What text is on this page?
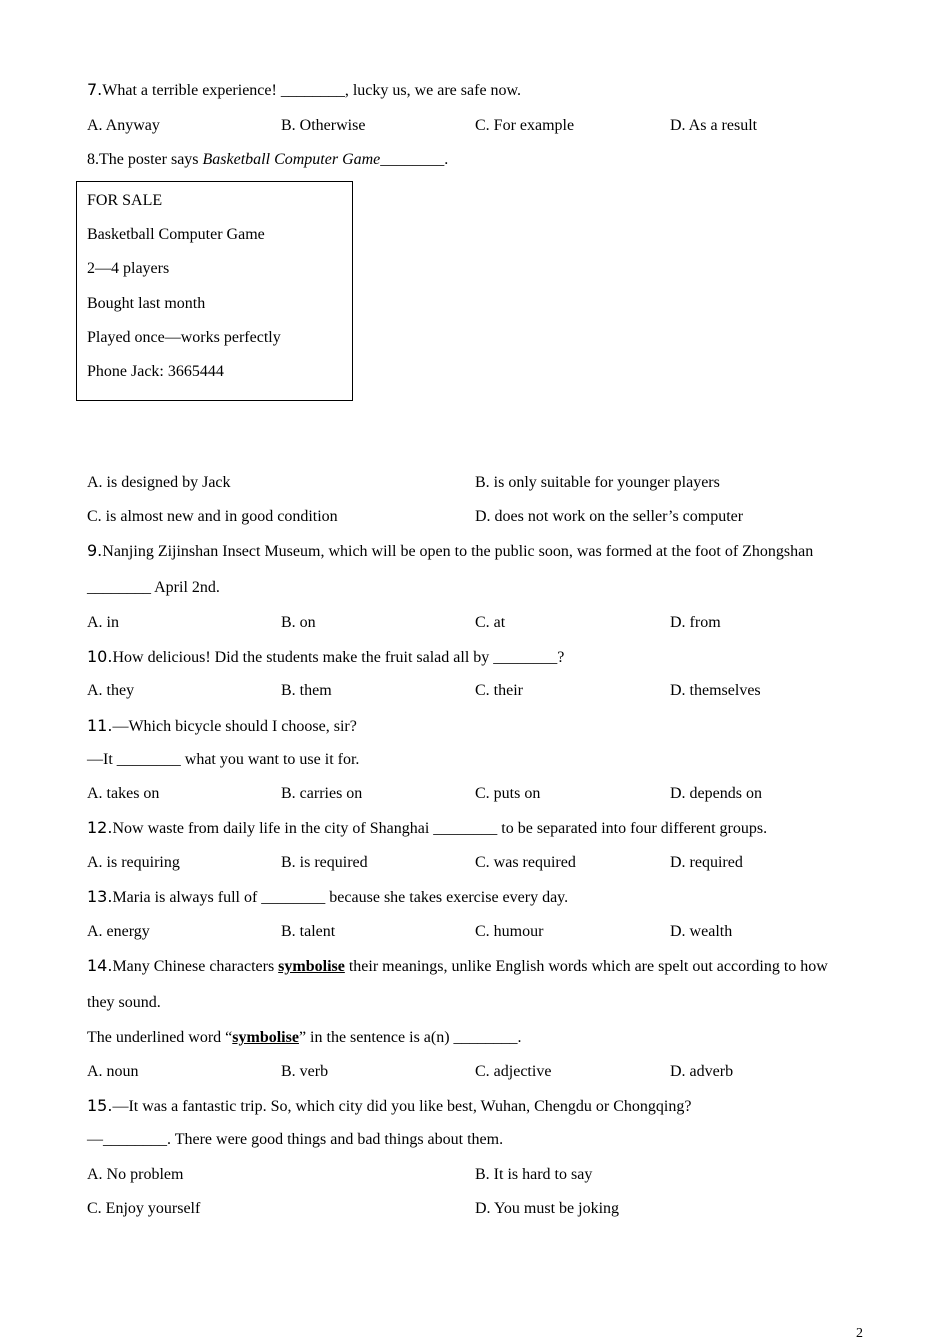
7.What a terrible experience! ________, lucky us, we are safe now.
A. Anyway	B. Otherwise	C. For example	D. As a result
8.The poster says Basketball Computer Game________.
FOR SALE
Basketball Computer Game
2—4 players
Bought last month
Played once—works perfectly
Phone Jack: 3665444
A. is designed by Jack	B. is only suitable for younger players
C. is almost new and in good condition	D. does not work on the seller’s computer
9.Nanjing Zijinshan Insect Museum, which will be open to the public soon, was formed at the foot of Zhongshan
________ April 2nd.
A. in	B. on	C. at	D. from
10.How delicious! Did the students make the fruit salad all by ________?
A. they	B. them	C. their	D. themselves
11.—Which bicycle should I choose, sir?
—It ________ what you want to use it for.
A. takes on	B. carries on	C. puts on	D. depends on
12.Now waste from daily life in the city of Shanghai ________ to be separated into four different groups.
A. is requiring	B. is required	C. was required	D. required
13.Maria is always full of ________ because she takes exercise every day.
A. energy	B. talent	C. humour	D. wealth
14.Many Chinese characters symbolise their meanings, unlike English words which are spelt out according to how
they sound.
The underlined word “symbolise” in the sentence is a(n) ________.
A. noun	B. verb	C. adjective	D. adverb
15.—It was a fantastic trip. So, which city did you like best, Wuhan, Chengdu or Chongqing?
—________. There were good things and bad things about them.
A. No problem	B. It is hard to say
C. Enjoy yourself	D. You must be joking
2
